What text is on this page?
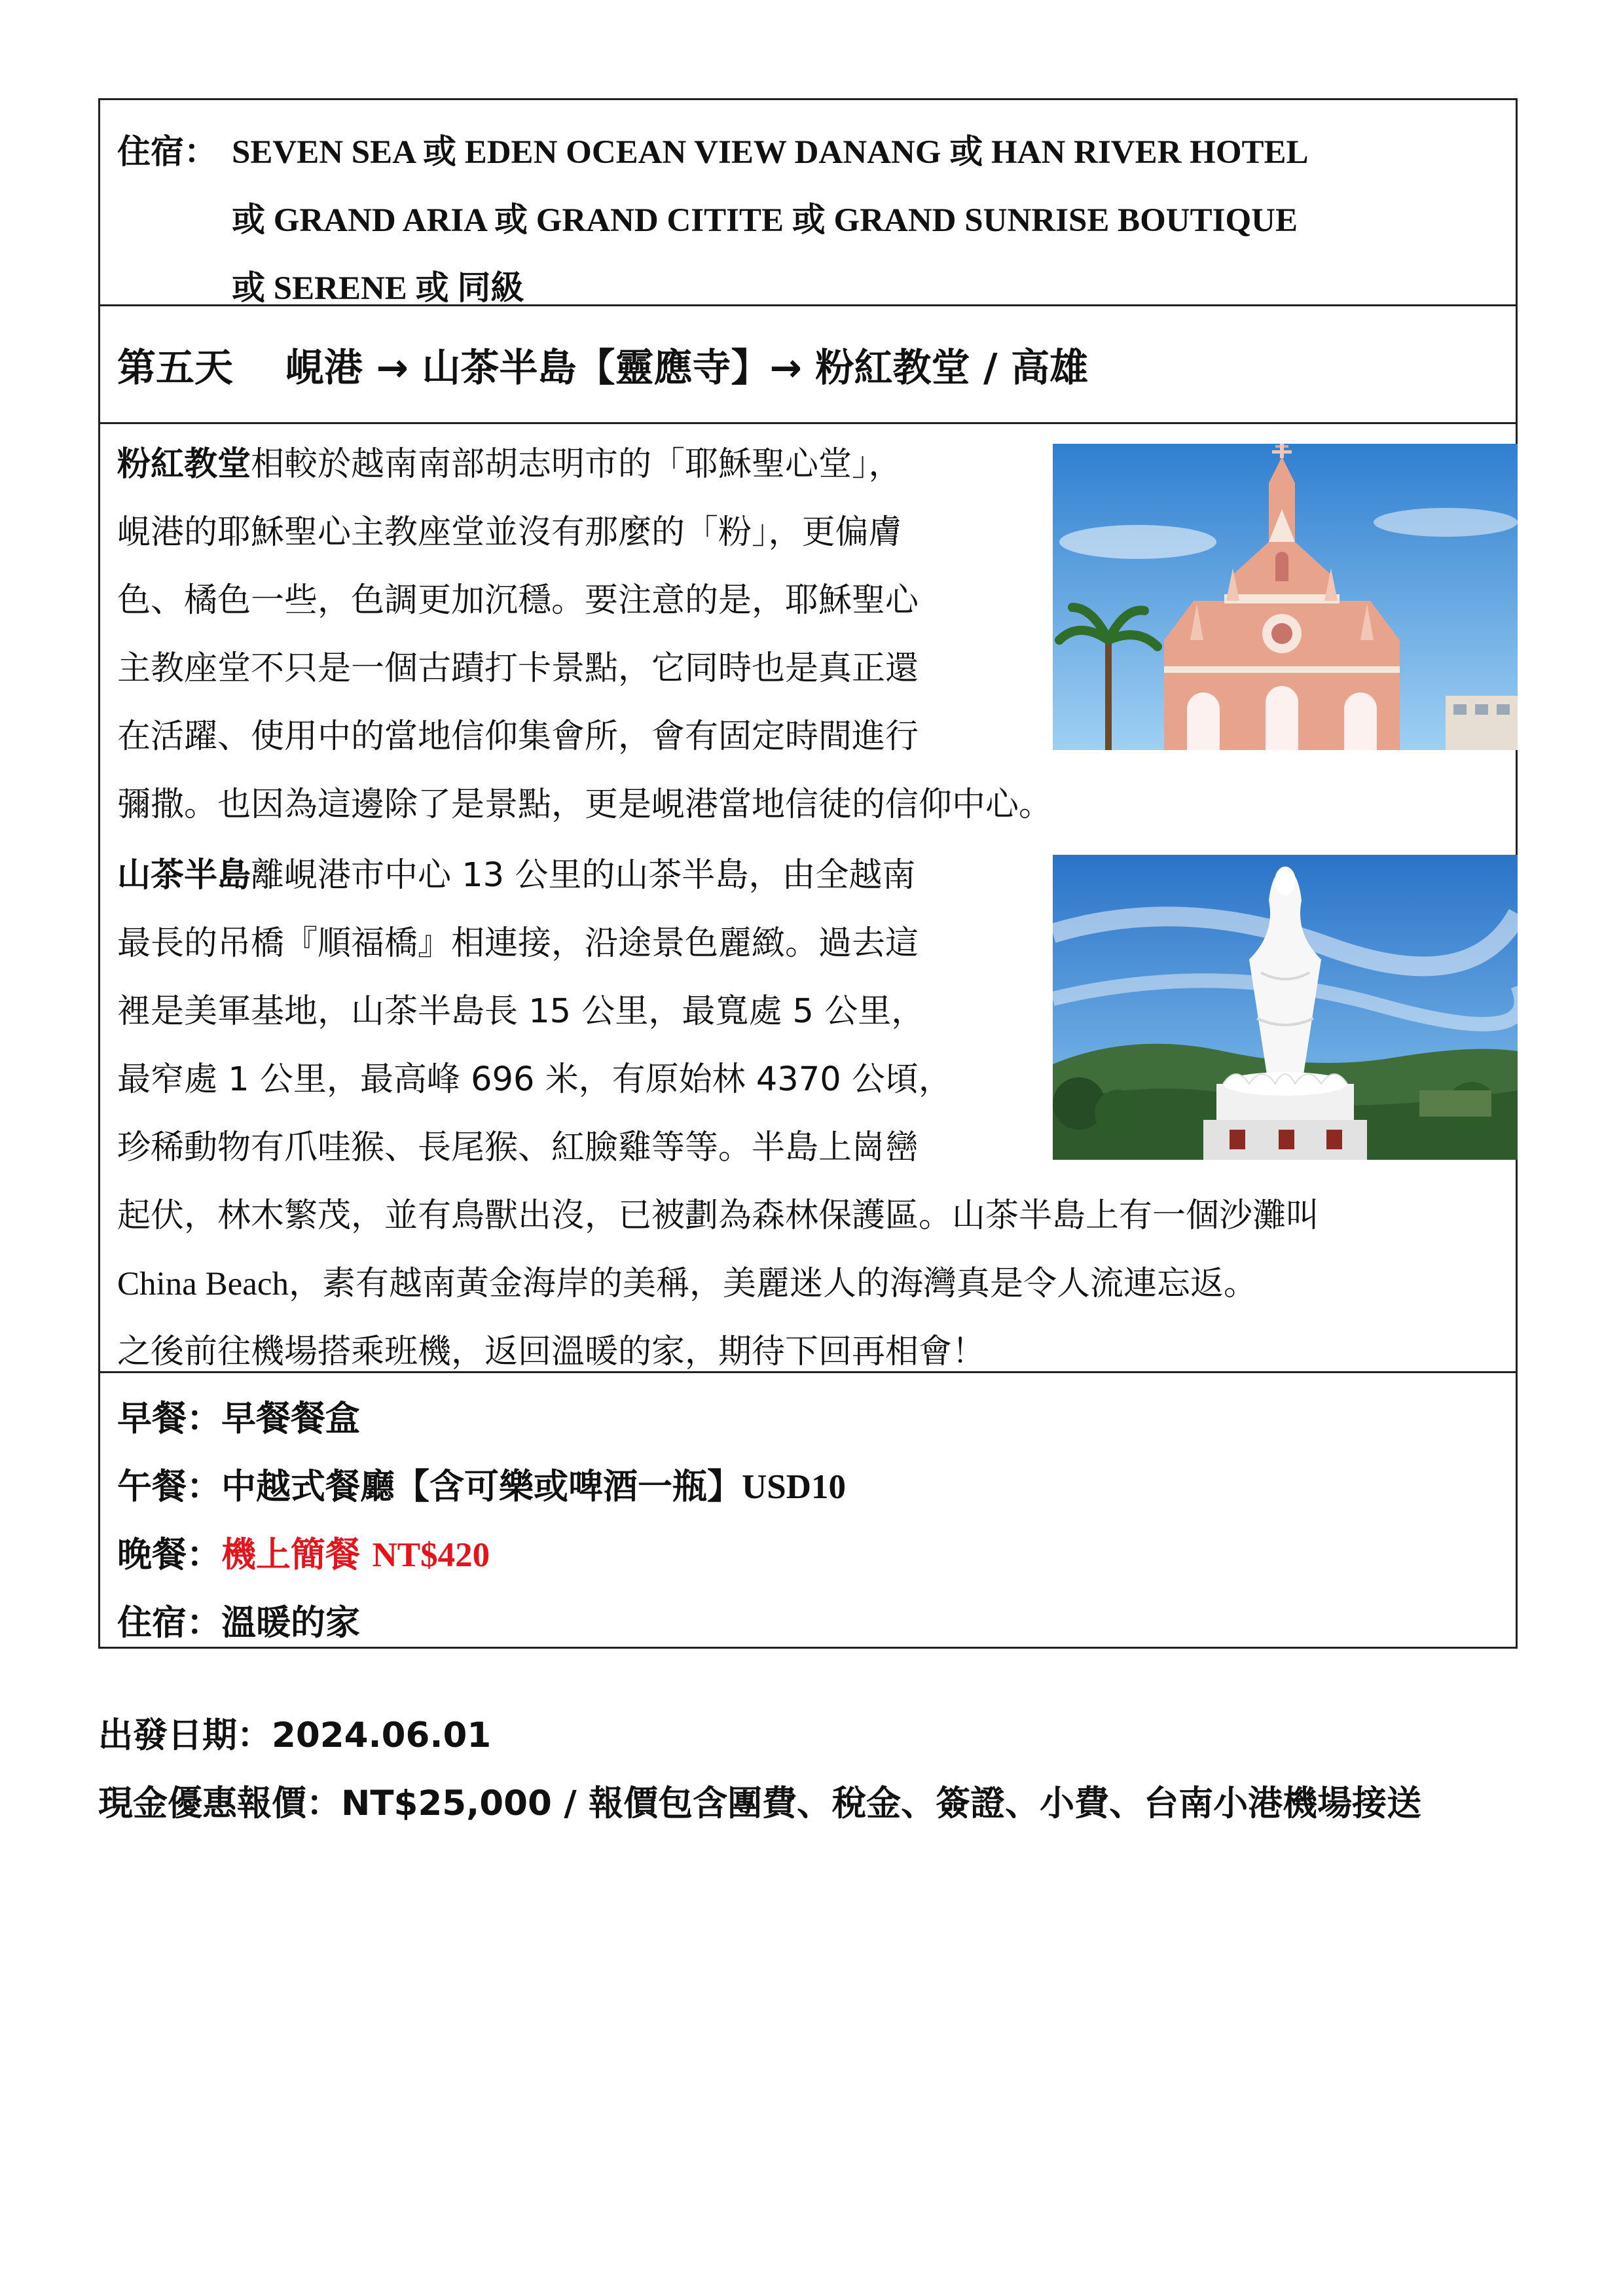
住宿： SEVEN SEA 或 EDEN OCEAN VIEW DANANG 或 HAN RIVER HOTEL
或 GRAND ARIA 或 GRAND CITITE 或 GRAND SUNRISE BOUTIQUE
或 SERENE 或 同級
第五天 峴港 → 山茶半島【靈應寺】→ 粉紅教堂 / 高雄
粉紅教堂相較於越南南部胡志明市的「耶穌聖心堂」，
峴港的耶穌聖心主教座堂並沒有那麼的「粉」，更偏膚
色、橘色一些，色調更加沉穩。要注意的是，耶穌聖心
主教座堂不只是一個古蹟打卡景點，它同時也是真正還
在活躍、使用中的當地信仰集會所，會有固定時間進行
彌撒。也因為這邊除了是景點，更是峴港當地信徒的信仰中心。
山茶半島離峴港市中心 13 公里的山茶半島，由全越南
最長的吊橋『順福橋』相連接，沿途景色麗緻。過去這
裡是美軍基地，山茶半島長 15 公里，最寬處 5 公里，
最窄處 1 公里，最高峰 696 米，有原始林 4370 公頃，
珍稀動物有爪哇猴、長尾猴、紅臉雞等等。半島上崗巒
起伏，林木繁茂，並有鳥獸出沒，已被劃為森林保護區。山茶半島上有一個沙灘叫
China Beach，素有越南黃金海岸的美稱，美麗迷人的海灣真是令人流連忘返。
之後前往機場搭乘班機，返回溫暖的家，期待下回再相會！
早餐：早餐餐盒
午餐：中越式餐廳【含可樂或啤酒一瓶】USD10
晚餐：機上簡餐 NT$420
住宿：溫暖的家
出發日期：2024.06.01
現金優惠報價：NT$25,000 / 報價包含團費、稅金、簽證、小費、台南小港機場接送
